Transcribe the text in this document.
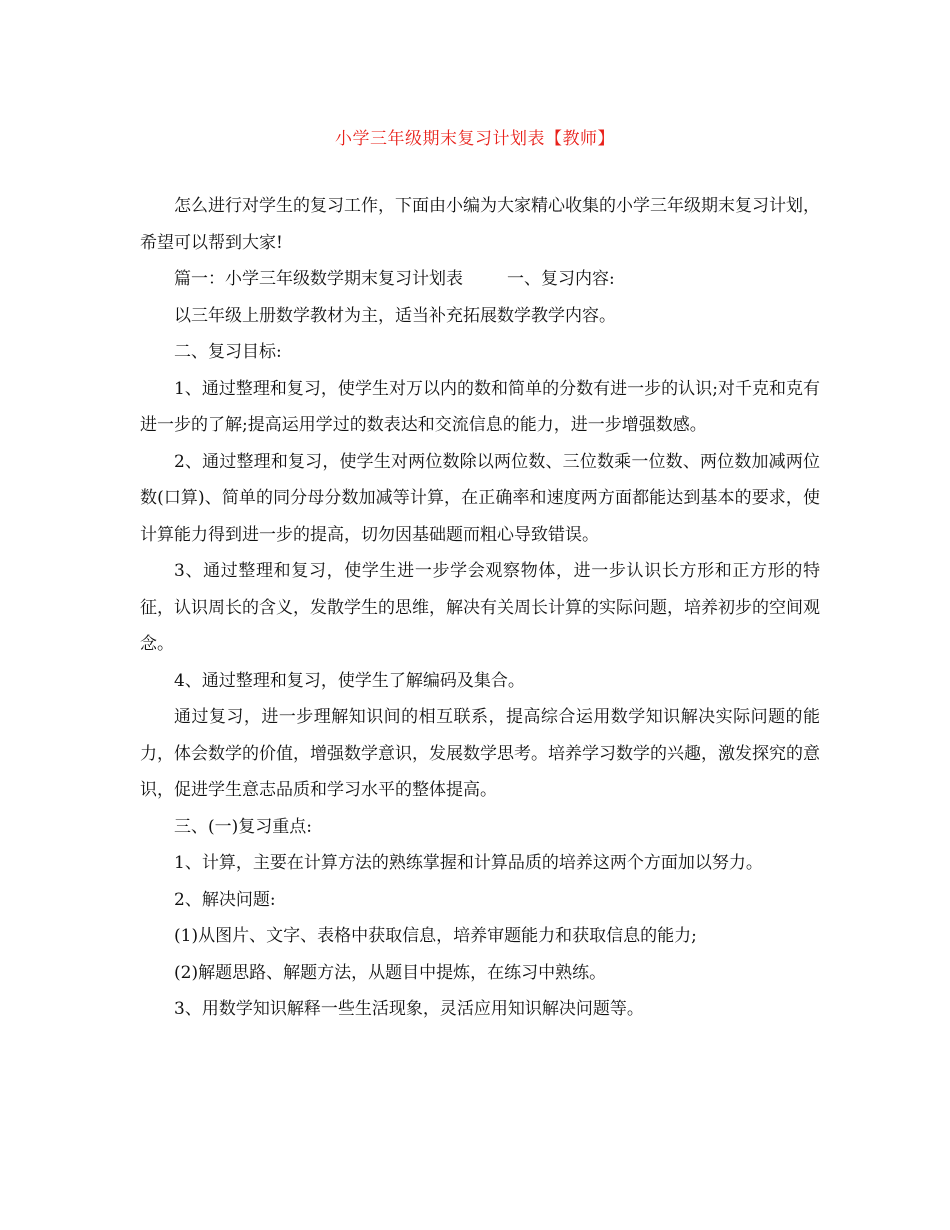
小学三年级期末复习计划表【教师】

怎么进行对学生的复习工作，下面由小编为大家精心收集的小学三年级期末复习计划，希望可以帮到大家!

篇一：小学三年级数学期末复习计划表	一、复习内容:

以三年级上册数学教材为主，适当补充拓展数学教学内容。

二、复习目标:

1、通过整理和复习，使学生对万以内的数和简单的分数有进一步的认识;对千克和克有进一步的了解;提高运用学过的数表达和交流信息的能力，进一步增强数感。

2、通过整理和复习，使学生对两位数除以两位数、三位数乘一位数、两位数加减两位数(口算)、简单的同分母分数加减等计算，在正确率和速度两方面都能达到基本的要求，使计算能力得到进一步的提高，切勿因基础题而粗心导致错误。

3、通过整理和复习，使学生进一步学会观察物体，进一步认识长方形和正方形的特征，认识周长的含义，发散学生的思维，解决有关周长计算的实际问题，培养初步的空间观念。

4、通过整理和复习，使学生了解编码及集合。

通过复习，进一步理解知识间的相互联系，提高综合运用数学知识解决实际问题的能力，体会数学的价值，增强数学意识，发展数学思考。培养学习数学的兴趣，激发探究的意识，促进学生意志品质和学习水平的整体提高。

三、(一)复习重点:

1、计算，主要在计算方法的熟练掌握和计算品质的培养这两个方面加以努力。

2、解决问题:

(1)从图片、文字、表格中获取信息，培养审题能力和获取信息的能力;

(2)解题思路、解题方法，从题目中提炼，在练习中熟练。

3、用数学知识解释一些生活现象，灵活应用知识解决问题等。
